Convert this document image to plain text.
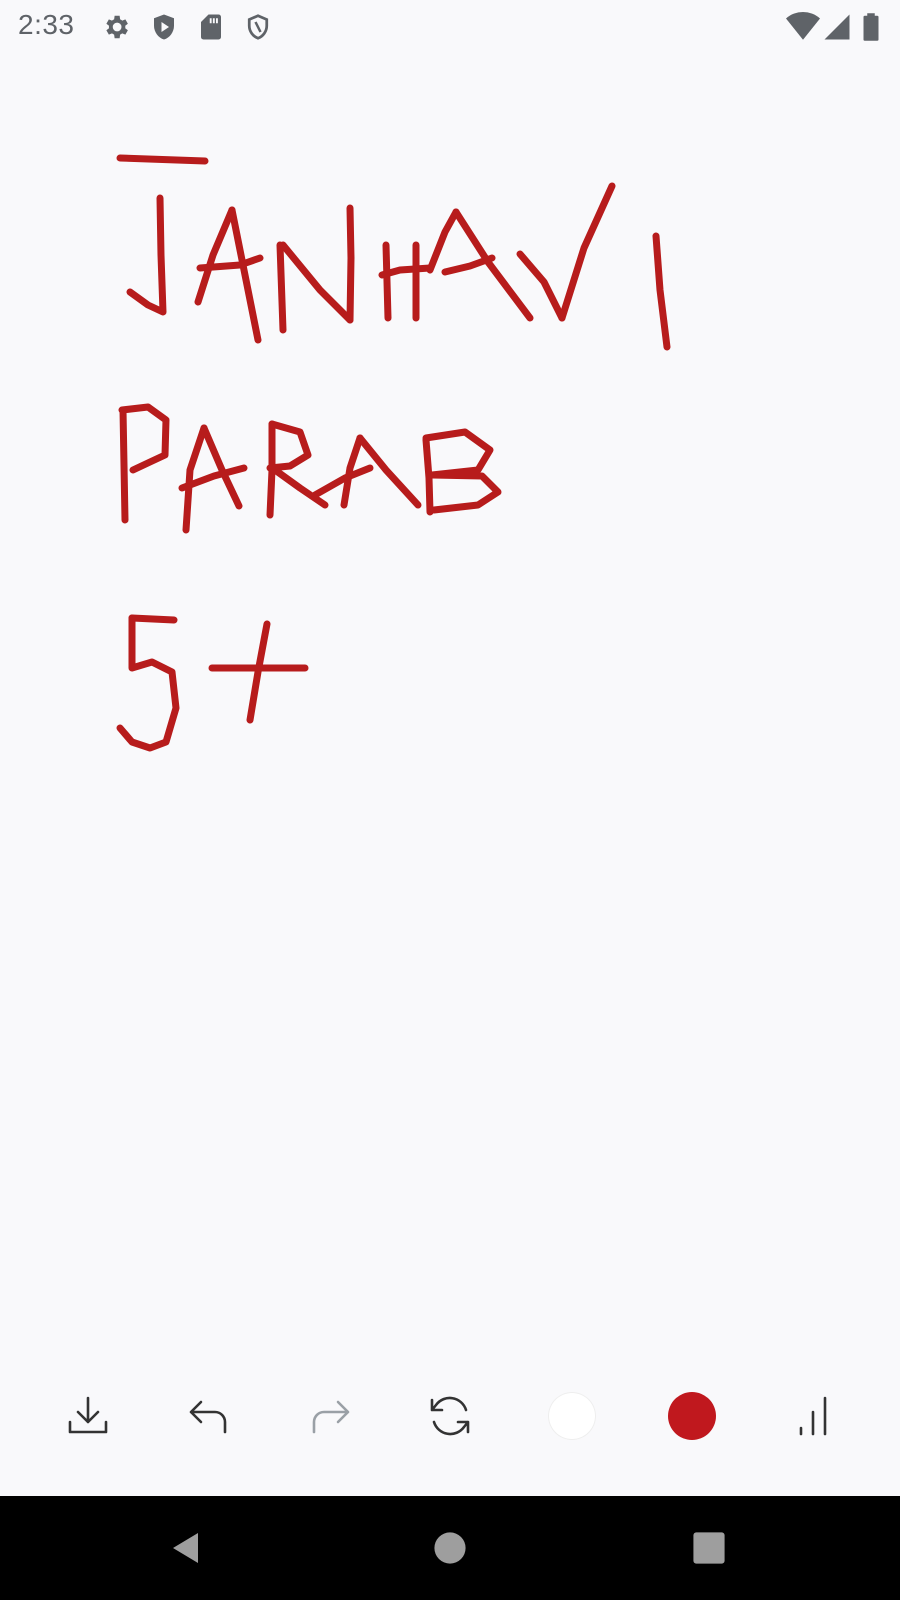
2:33
